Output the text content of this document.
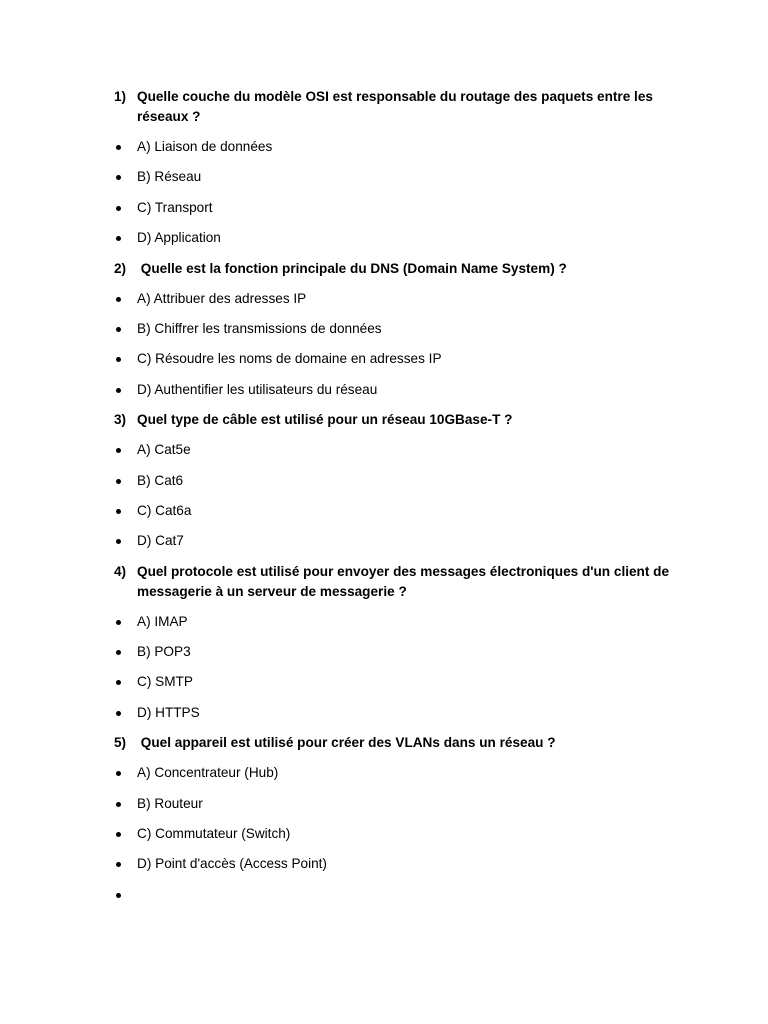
1) Quelle couche du modèle OSI est responsable du routage des paquets entre les réseaux ?
A) Liaison de données
B) Réseau
C) Transport
D) Application
2) Quelle est la fonction principale du DNS (Domain Name System) ?
A) Attribuer des adresses IP
B) Chiffrer les transmissions de données
C) Résoudre les noms de domaine en adresses IP
D) Authentifier les utilisateurs du réseau
3) Quel type de câble est utilisé pour un réseau 10GBase-T ?
A) Cat5e
B) Cat6
C) Cat6a
D) Cat7
4) Quel protocole est utilisé pour envoyer des messages électroniques d'un client de messagerie à un serveur de messagerie ?
A) IMAP
B) POP3
C) SMTP
D) HTTPS
5) Quel appareil est utilisé pour créer des VLANs dans un réseau ?
A) Concentrateur (Hub)
B) Routeur
C) Commutateur (Switch)
D) Point d'accès (Access Point)
